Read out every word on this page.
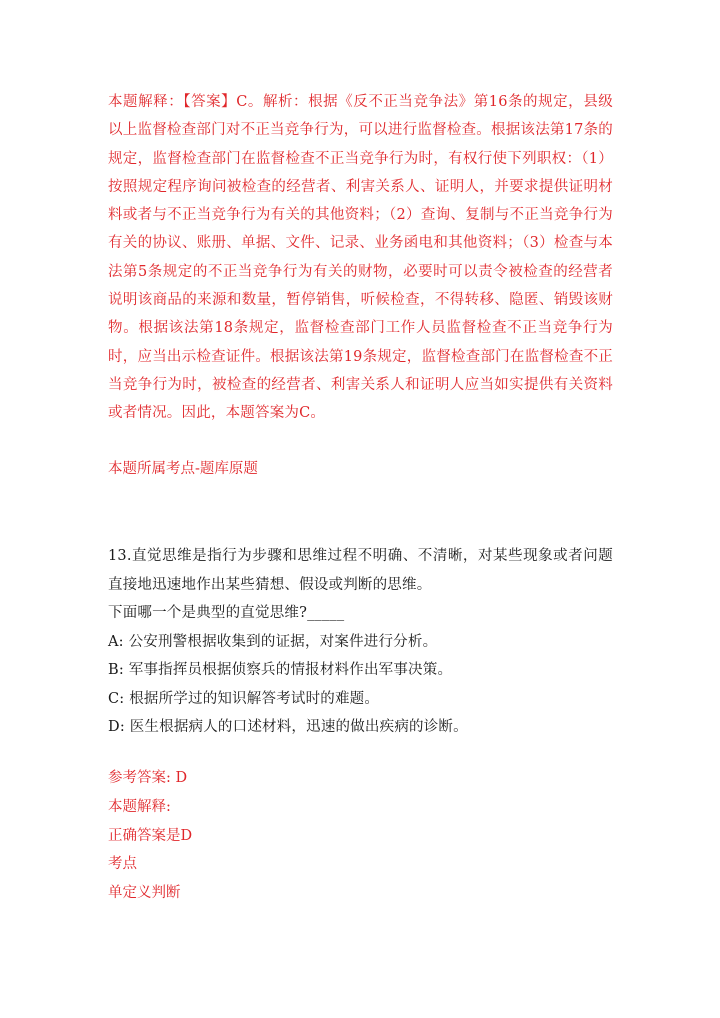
本题解释：【答案】C。解析：根据《反不正当竞争法》第16条的规定，县级以上监督检查部门对不正当竞争行为，可以进行监督检查。根据该法第17条的规定，监督检查部门在监督检查不正当竞争行为时，有权行使下列职权：（1）按照规定程序询问被检查的经营者、利害关系人、证明人，并要求提供证明材料或者与不正当竞争行为有关的其他资料；（2）查询、复制与不正当竞争行为有关的协议、账册、单据、文件、记录、业务函电和其他资料；（3）检查与本法第5条规定的不正当竞争行为有关的财物，必要时可以责令被检查的经营者说明该商品的来源和数量，暂停销售，听候检查，不得转移、隐匿、销毁该财物。根据该法第18条规定，监督检查部门工作人员监督检查不正当竞争行为时，应当出示检查证件。根据该法第19条规定，监督检查部门在监督检查不正当竞争行为时，被检查的经营者、利害关系人和证明人应当如实提供有关资料或者情况。因此，本题答案为C。

本题所属考点-题库原题

13.直觉思维是指行为步骤和思维过程不明确、不清晰，对某些现象或者问题直接地迅速地作出某些猜想、假设或判断的思维。
下面哪一个是典型的直觉思维?_____
A: 公安刑警根据收集到的证据，对案件进行分析。
B: 军事指挥员根据侦察兵的情报材料作出军事决策。
C: 根据所学过的知识解答考试时的难题。
D: 医生根据病人的口述材料，迅速的做出疾病的诊断。

参考答案: D

本题解释:

正确答案是D

考点

单定义判断
